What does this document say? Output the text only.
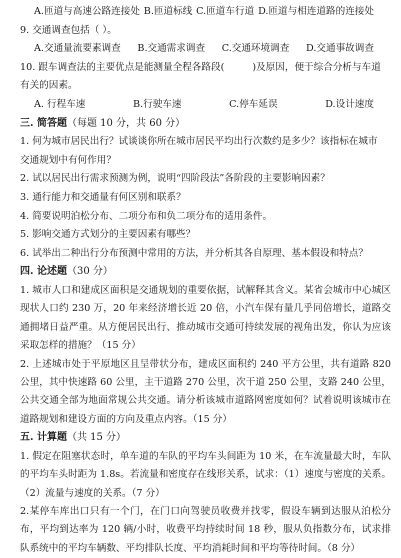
A.匝道与高速公路连接处 B.匝道标线 C.匝道车行道 D.匝道与相连道路的连接处
9. 交通调查包括（ ）。
A.交通量流要素调查 B.交通需求调查 C.交通环境调查 D.交通事故调查
10. 跟车调查法的主要优点是能测量全程各路段(	)及原因，便于综合分析与车道
有关的因素。
A. 行程车速	B.行驶车速	C.停车延误	D.设计速度
三. 简答题（每题 10 分，共 60 分）
1. 何为城市居民出行？试谈谈你所在城市居民平均出行次数约是多少？该指标在城市
交通规划中有何作用？
2. 试以居民出行需求预测为例，说明“四阶段法”各阶段的主要影响因素？
3. 通行能力和交通量有何区别和联系？
4. 简要说明泊松分布、二项分布和负二项分布的适用条件。
5. 影响交通方式划分的主要因素有哪些？
6. 试举出二种出行分布预测中常用的方法，并分析其各自原理、基本假设和特点？
四. 论述题（30 分）
1. 城市人口和建成区面积是交通规划的重要依据，试解释其含义。某省会城市中心城区现状人口约 230 万，20 年来经济增长近 20 倍，小汽车保有量几乎同倍增长，道路交通拥堵日益严重。从方便居民出行、推动城市交通可持续发展的视角出发，你认为应该采取怎样的措施？（15 分）
2. 上述城市处于平原地区且呈带状分布，建成区面积约 240 平方公里，共有道路 820 公里，其中快速路 60 公里，主干道路 270 公里，次干道 250 公里，支路 240 公里，公共交通全部为地面常规公共交通。请分析该城市道路网密度如何？试着说明该城市在道路规划和建设方面的方向及重点内容。（15 分）
五. 计算题（共 15 分）
1. 假定在阻塞状态时，单车道的车队的平均车头间距为 10 米，在车流量最大时，车队的平均车头时距为 1.8s。若流量和密度存在线形关系，试求：（1）速度与密度的关系。（2）流量与速度的关系。（7 分）
2.某停车库出口只有一个门，在门口向驾驶员收费并找零，假设车辆到达服从泊松分布，平均到达率为 120 辆/小时，收费平均持续时间 18 秒，服从负指数分布，试求排队系统中的平均车辆数、平均排队长度、平均消耗时间和平均等待时间。（8 分）
